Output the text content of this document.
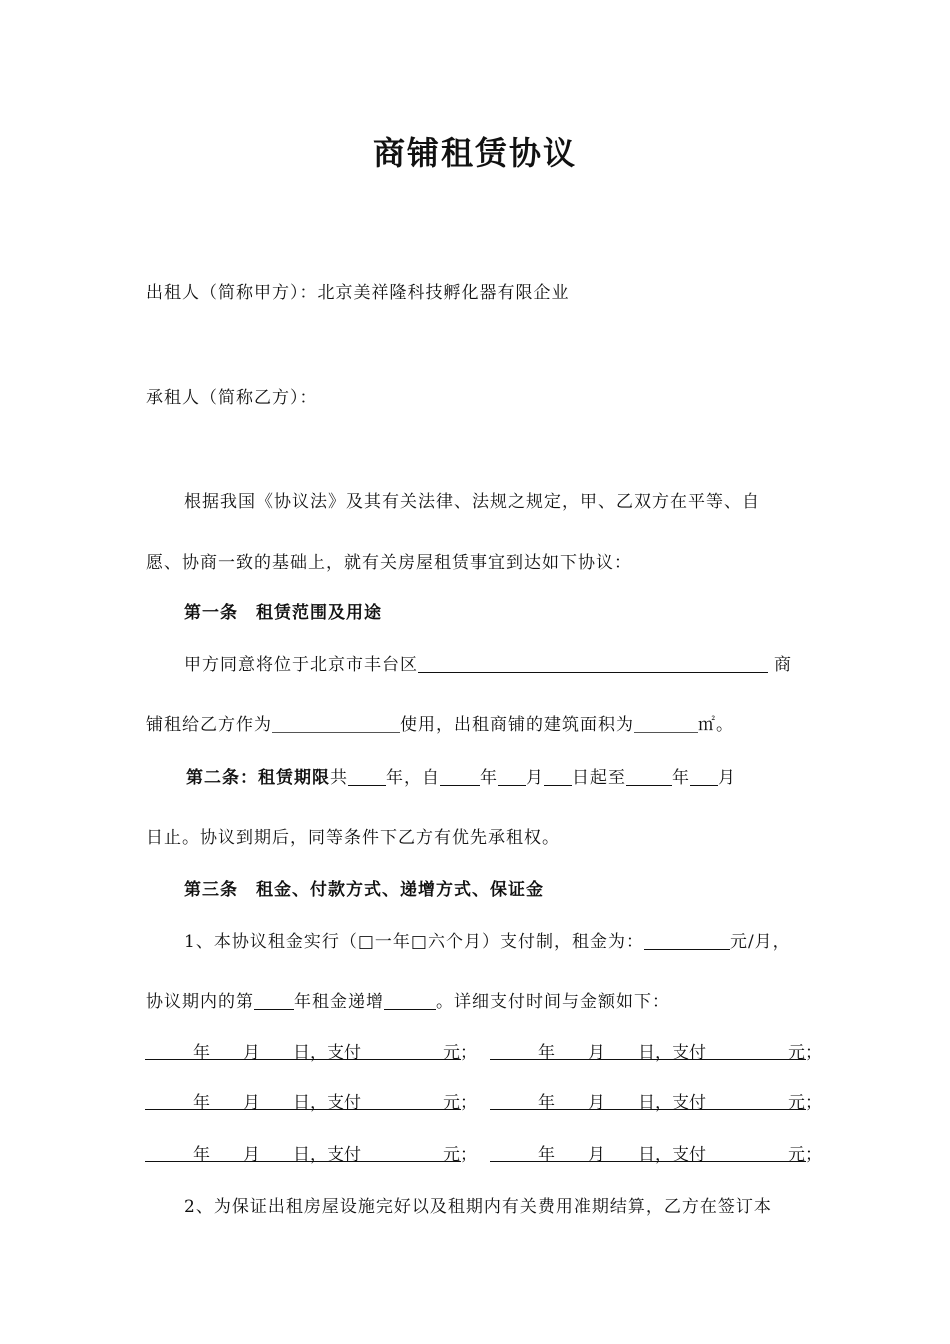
商铺租赁协议
出租人（简称甲方）：北京美祥隆科技孵化器有限企业
承租人（简称乙方）：
根据我国《协议法》及其有关法律、法规之规定，甲、乙双方在平等、自
愿、协商一致的基础上，就有关房屋租赁事宜到达如下协议：
第一条　租赁范围及用途
甲方同意将位于北京市丰台区	商
铺租给乙方作为	使用，出租商铺的建筑面积为	㎡。
第二条：租赁期限共 年，自 年 月 日起至	年 月
日止。协议到期后，同等条件下乙方有优先承租权。
第三条　租金、付款方式、递增方式、保证金
1、本协议租金实行（□一年□六个月）支付制，租金为：	元/月，
协议期内的第 年租金递增	。详细支付时间与金额如下：
年 月 日，支付	元；	年 月 日，支付	元；
年 月 日，支付	元；	年 月 日，支付	元；
年 月 日，支付	元；	年 月 日，支付	元；
2、为保证出租房屋设施完好以及租期内有关费用准期结算，乙方在签订本
